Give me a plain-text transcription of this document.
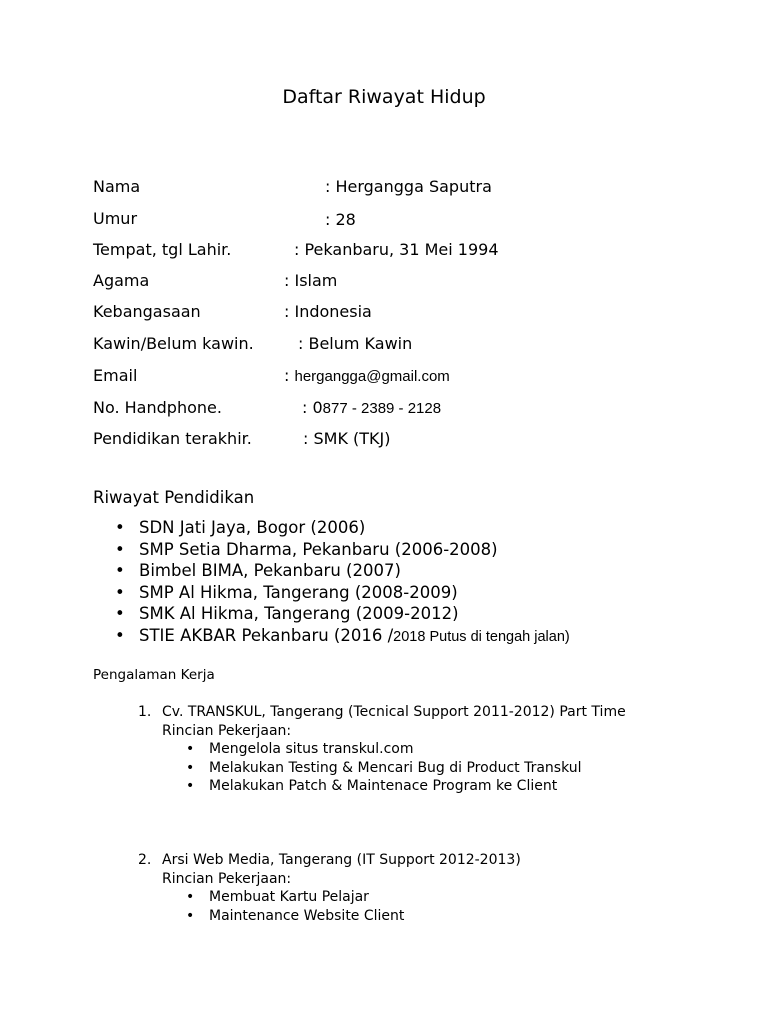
Daftar Riwayat Hidup
Nama	: Hergangga Saputra
Umur	: 28
Tempat, tgl Lahir.	: Pekanbaru, 31 Mei 1994
Agama	: Islam
Kebangasaan	: Indonesia
Kawin/Belum kawin.	: Belum Kawin
Email	: hergangga@gmail.com
No. Handphone.	: 0877 - 2389 - 2128
Pendidikan terakhir.	: SMK (TKJ)
Riwayat Pendidikan
• SDN Jati Jaya, Bogor (2006)
• SMP Setia Dharma, Pekanbaru (2006-2008)
• Bimbel BIMA, Pekanbaru (2007)
• SMP Al Hikma, Tangerang (2008-2009)
• SMK Al Hikma, Tangerang (2009-2012)
• STIE AKBAR Pekanbaru (2016 /2018 Putus di tengah jalan)
Pengalaman Kerja
1. Cv. TRANSKUL, Tangerang (Tecnical Support 2011-2012) Part Time
Rincian Pekerjaan:
• Mengelola situs transkul.com
• Melakukan Testing & Mencari Bug di Product Transkul
• Melakukan Patch & Maintenace Program ke Client
2. Arsi Web Media, Tangerang (IT Support 2012-2013)
Rincian Pekerjaan:
• Membuat Kartu Pelajar
• Maintenance Website Client
